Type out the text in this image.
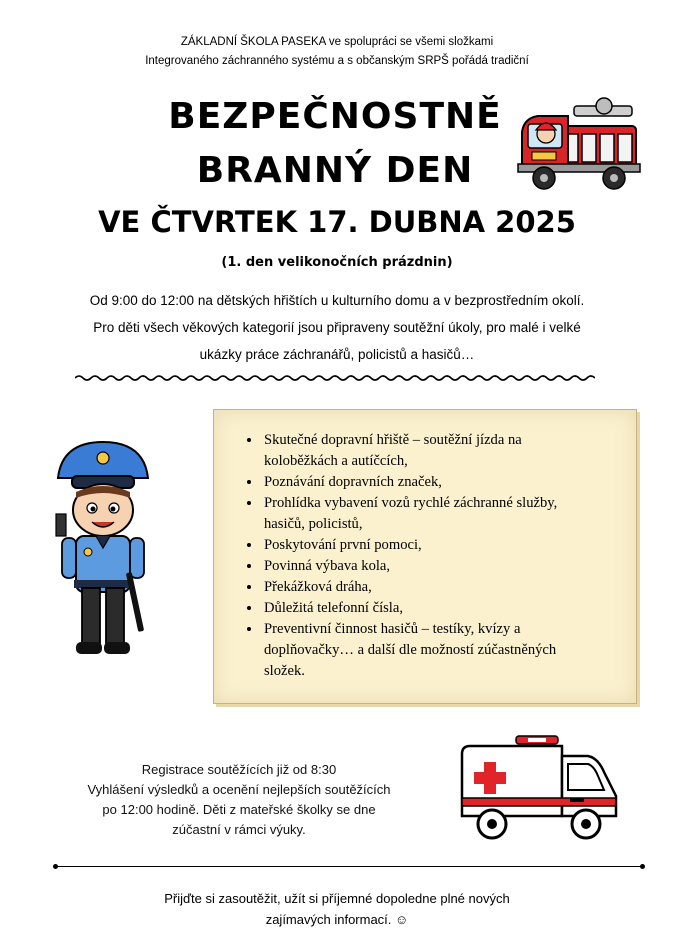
ZÁKLADNÍ ŠKOLA PASEKA ve spolupráci se všemi složkami
Integrovaného záchranného systému a s občanským SRPŠ pořádá tradiční
BEZPEČNOSTNĚ
BRANNÝ DEN
VE ČTVRTEK 17. DUBNA 2025
(1. den velikonočních prázdnin)
Od 9:00 do 12:00 na dětských hřištích u kulturního domu a v bezprostředním okolí.
Pro děti všech věkových kategorií jsou připraveny soutěžní úkoly, pro malé i velké
ukázky práce záchranářů, policistů a hasičů…
• Skutečné dopravní hřiště – soutěžní jízda na koloběžkách a autíčcích,
• Poznávání dopravních značek,
• Prohlídka vybavení vozů rychlé záchranné služby, hasičů, policistů,
• Poskytování první pomoci,
• Povinná výbava kola,
• Překážková dráha,
• Důležitá telefonní čísla,
• Preventivní činnost hasičů – testíky, kvízy a doplňovačky… a další dle možností zúčastněných složek.
Registrace soutěžících již od 8:30
Vyhlášení výsledků a ocenění nejlepších soutěžících
po 12:00 hodině. Děti z mateřské školky se dne
zúčastní v rámci výuky.
Přijďte si zasoutěžit, užít si příjemné dopoledne plné nových
zajímavých informací. ☺
